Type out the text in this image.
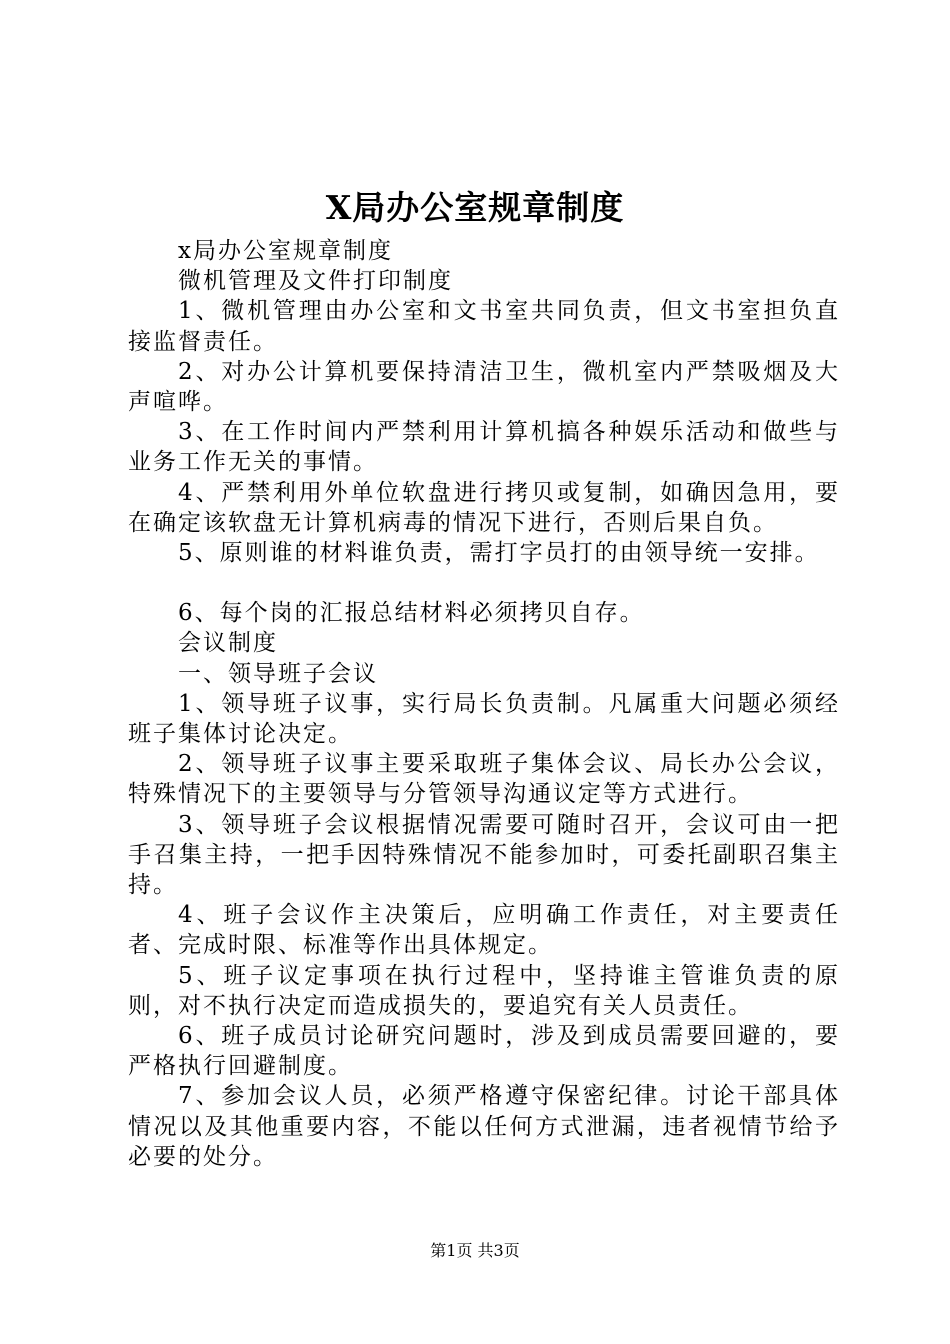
X局办公室规章制度

x局办公室规章制度

微机管理及文件打印制度

1、微机管理由办公室和文书室共同负责，但文书室担负直接监督责任。

2、对办公计算机要保持清洁卫生，微机室内严禁吸烟及大声喧哗。

3、在工作时间内严禁利用计算机搞各种娱乐活动和做些与业务工作无关的事情。

4、严禁利用外单位软盘进行拷贝或复制，如确因急用，要在确定该软盘无计算机病毒的情况下进行，否则后果自负。

5、原则谁的材料谁负责，需打字员打的由领导统一安排。

6、每个岗的汇报总结材料必须拷贝自存。

会议制度

一、领导班子会议

1、领导班子议事，实行局长负责制。凡属重大问题必须经班子集体讨论决定。

2、领导班子议事主要采取班子集体会议、局长办公会议，特殊情况下的主要领导与分管领导沟通议定等方式进行。

3、领导班子会议根据情况需要可随时召开，会议可由一把手召集主持，一把手因特殊情况不能参加时，可委托副职召集主持。

4、班子会议作主决策后，应明确工作责任，对主要责任者、完成时限、标准等作出具体规定。

5、班子议定事项在执行过程中，坚持谁主管谁负责的原则，对不执行决定而造成损失的，要追究有关人员责任。

6、班子成员讨论研究问题时，涉及到成员需要回避的，要严格执行回避制度。

7、参加会议人员，必须严格遵守保密纪律。讨论干部具体情况以及其他重要内容，不能以任何方式泄漏，违者视情节给予必要的处分。

第1页 共3页
